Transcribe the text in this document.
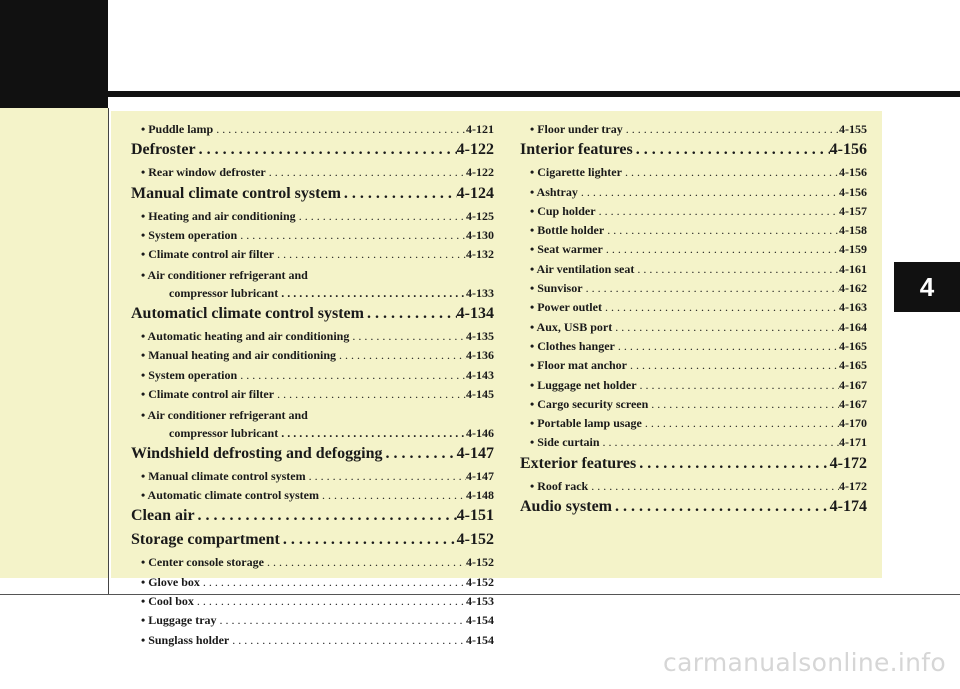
4
• Puddle lamp . . .	4-121
Defroster . . .	4-122
• Rear window defroster . . .	4-122
Manual climate control system . . .	4-124
• Heating and air conditioning . . .	4-125
• System operation . . .	4-130
• Climate control air filter . . .	4-132
• Air conditioner refrigerant and
compressor lubricant . . .	4-133
Automaticl climate control system . . .	4-134
• Automatic heating and air conditioning . . .	4-135
• Manual heating and air conditioning . . .	4-136
• System operation . . .	4-143
• Climate control air filter . . .	4-145
• Air conditioner refrigerant and
compressor lubricant . . .	4-146
Windshield defrosting and defogging . . .	4-147
• Manual climate control system . . .	4-147
• Automatic climate control system . . .	4-148
Clean air . . .	4-151
Storage compartment . . .	4-152
• Center console storage . . .	4-152
• Glove box . . .	4-152
• Cool box . . .	4-153
• Luggage tray . . .	4-154
• Sunglass holder . . .	4-154
• Floor under tray . . .	4-155
Interior features . . .	4-156
• Cigarette lighter . . .	4-156
• Ashtray . . .	4-156
• Cup holder . . .	4-157
• Bottle holder . . .	4-158
• Seat warmer . . .	4-159
• Air ventilation seat . . .	4-161
• Sunvisor . . .	4-162
• Power outlet . . .	4-163
• Aux, USB port . . .	4-164
• Clothes hanger . . .	4-165
• Floor mat anchor . . .	4-165
• Luggage net holder . . .	4-167
• Cargo security screen . . .	4-167
• Portable lamp usage . . .	4-170
• Side curtain . . .	4-171
Exterior features . . .	4-172
• Roof rack . . .	4-172
Audio system . . .	4-174
carmanualsonline.info
